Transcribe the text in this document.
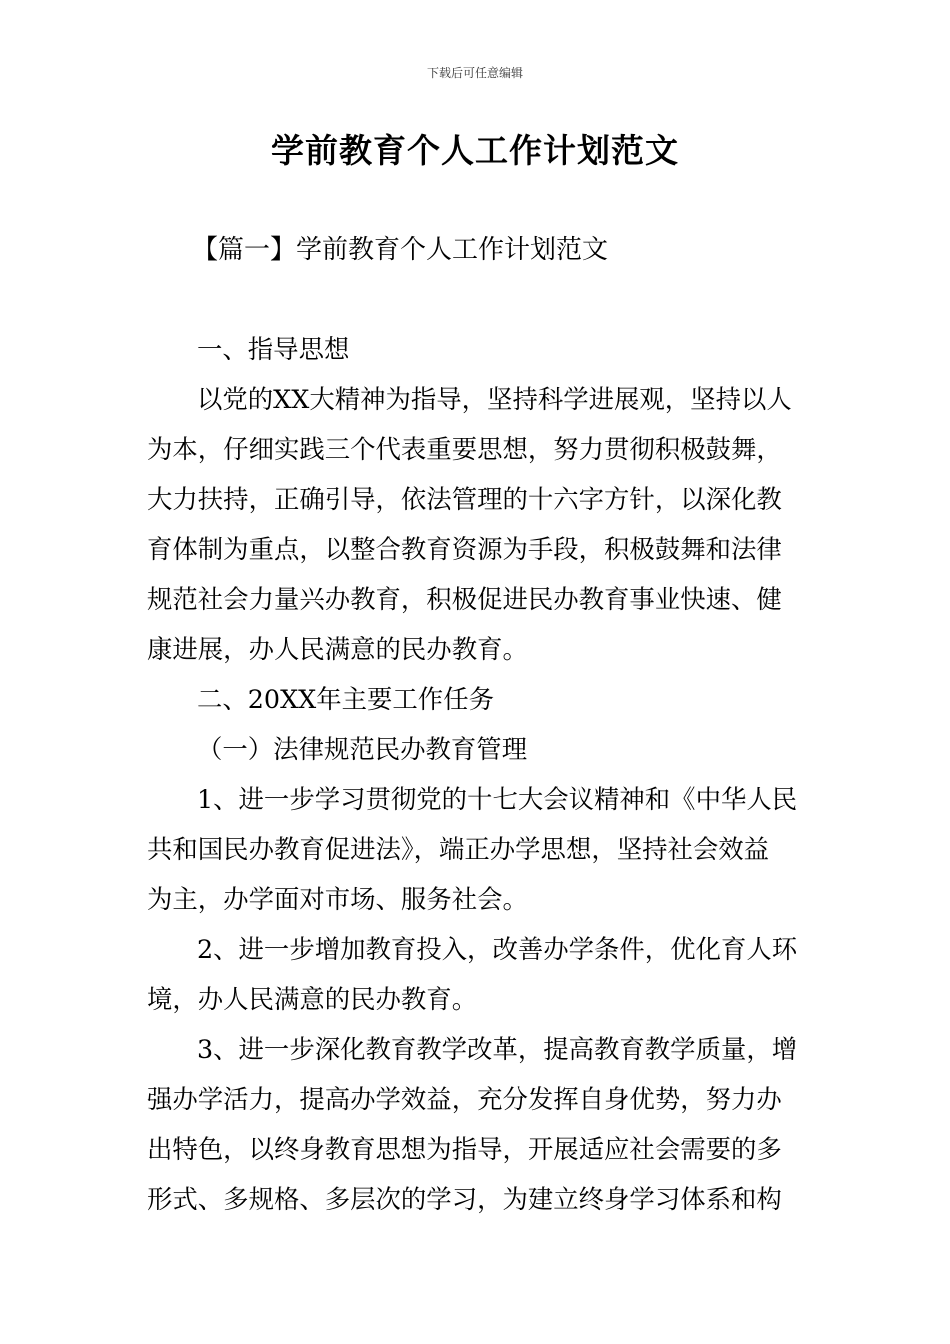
下载后可任意编辑
学前教育个人工作计划范文
【篇一】学前教育个人工作计划范文
一、指导思想
以党的XX大精神为指导，坚持科学进展观，坚持以人
为本，仔细实践三个代表重要思想，努力贯彻积极鼓舞，
大力扶持，正确引导，依法管理的十六字方针，以深化教
育体制为重点，以整合教育资源为手段，积极鼓舞和法律
规范社会力量兴办教育，积极促进民办教育事业快速、健
康进展，办人民满意的民办教育。
二、20XX年主要工作任务
（一）法律规范民办教育管理
1、进一步学习贯彻党的十七大会议精神和《中华人民
共和国民办教育促进法》，端正办学思想，坚持社会效益
为主，办学面对市场、服务社会。
2、进一步增加教育投入，改善办学条件，优化育人环
境，办人民满意的民办教育。
3、进一步深化教育教学改革，提高教育教学质量，增
强办学活力，提高办学效益，充分发挥自身优势，努力办
出特色，以终身教育思想为指导，开展适应社会需要的多
形式、多规格、多层次的学习，为建立终身学习体系和构
